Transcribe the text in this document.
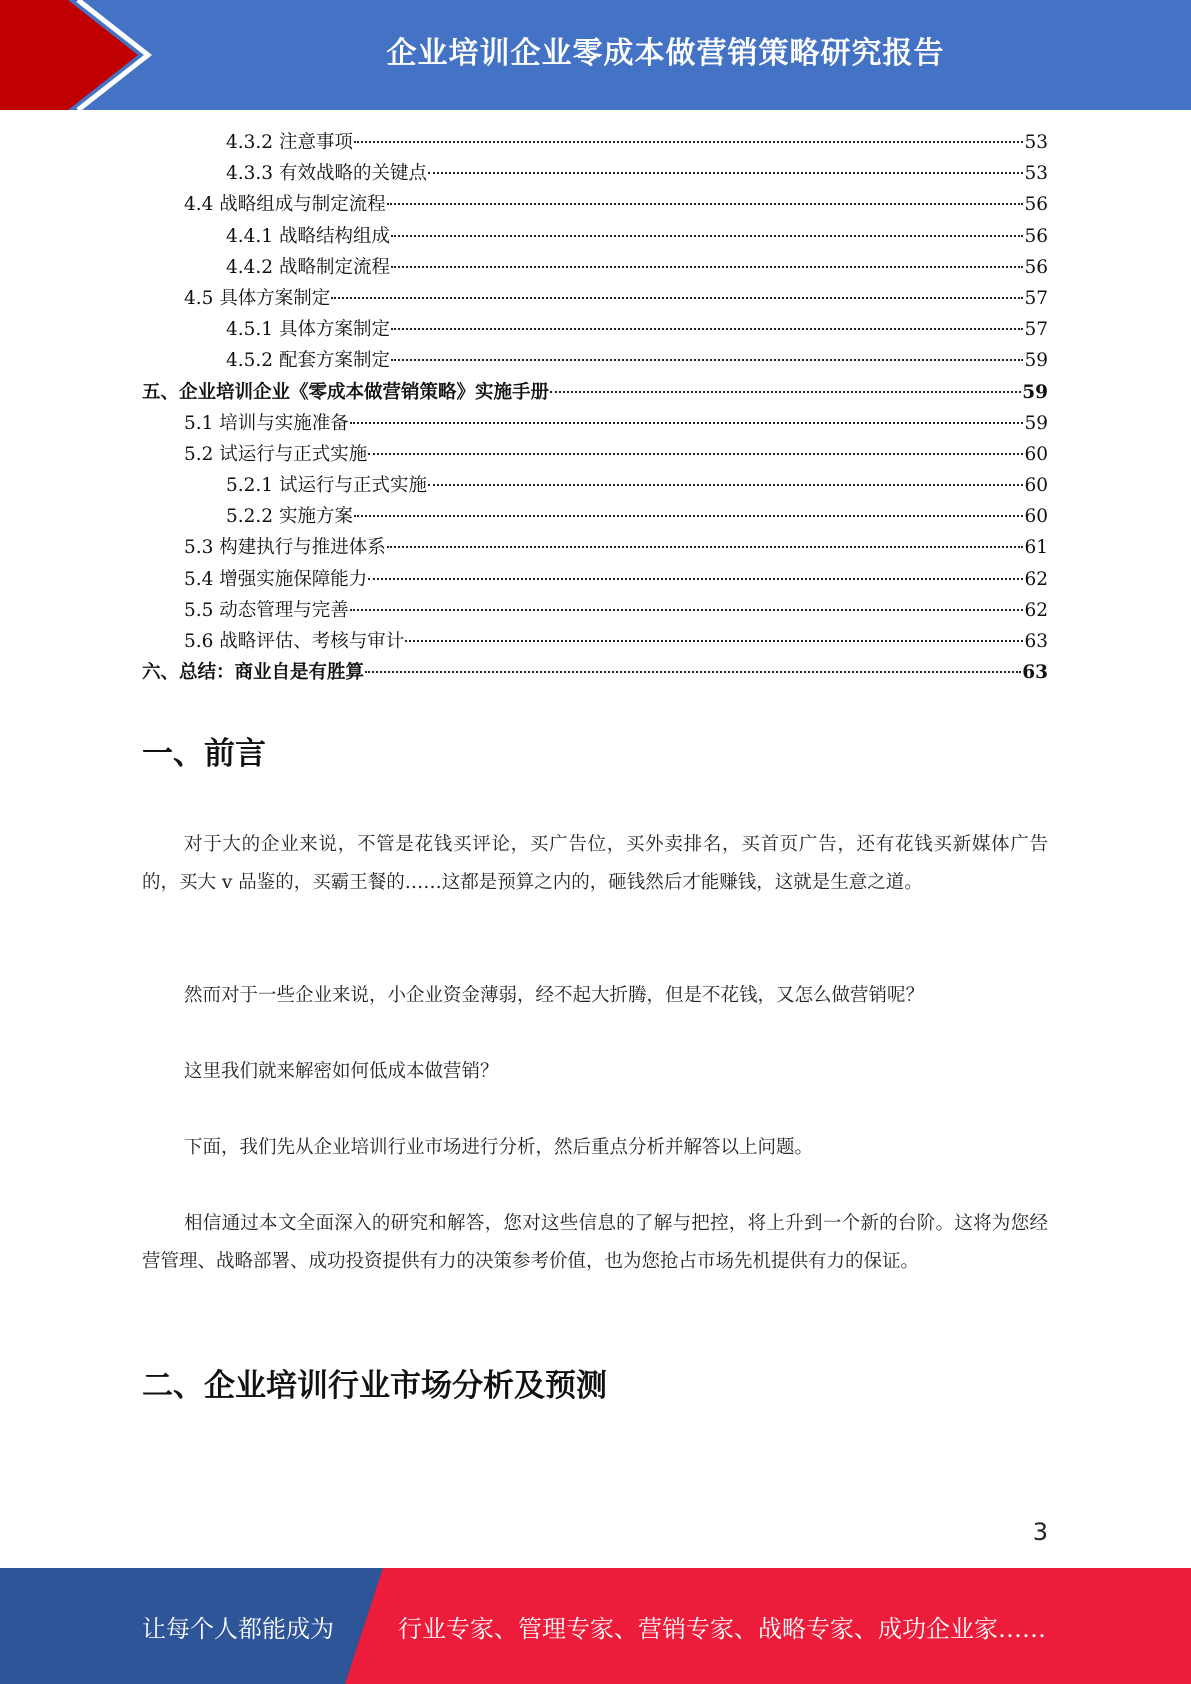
企业培训企业零成本做营销策略研究报告
4.3.2 注意事项	53
4.3.3 有效战略的关键点	53
4.4 战略组成与制定流程	56
4.4.1 战略结构组成	56
4.4.2 战略制定流程	56
4.5 具体方案制定	57
4.5.1 具体方案制定	57
4.5.2 配套方案制定	59
五、企业培训企业《零成本做营销策略》实施手册	59
5.1 培训与实施准备	59
5.2 试运行与正式实施	60
5.2.1 试运行与正式实施	60
5.2.2 实施方案	60
5.3 构建执行与推进体系	61
5.4 增强实施保障能力	62
5.5 动态管理与完善	62
5.6 战略评估、考核与审计	63
六、总结：商业自是有胜算	63
一、前言

对于大的企业来说，不管是花钱买评论，买广告位，买外卖排名，买首页广告，还有花钱买新媒体广告的，买大 v 品鉴的，买霸王餐的……这都是预算之内的，砸钱然后才能赚钱，这就是生意之道。

然而对于一些企业来说，小企业资金薄弱，经不起大折腾，但是不花钱，又怎么做营销呢？

这里我们就来解密如何低成本做营销？

下面，我们先从企业培训行业市场进行分析，然后重点分析并解答以上问题。

相信通过本文全面深入的研究和解答，您对这些信息的了解与把控，将上升到一个新的台阶。这将为您经营管理、战略部署、成功投资提供有力的决策参考价值，也为您抢占市场先机提供有力的保证。

二、企业培训行业市场分析及预测
3
让每个人都能成为	行业专家、管理专家、营销专家、战略专家、成功企业家……
